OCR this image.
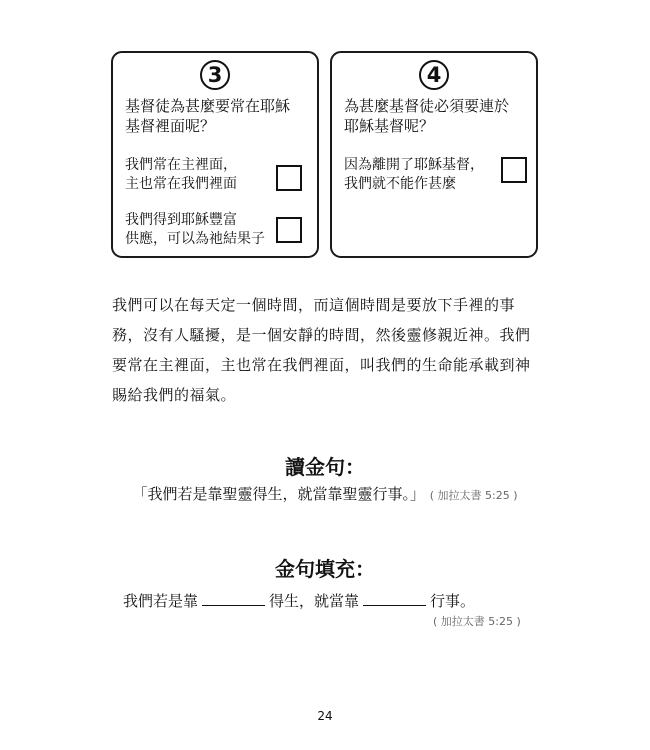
3
基督徒為甚麼要常在耶穌
基督裡面呢？
我們常在主裡面，
主也常在我們裡面
我們得到耶穌豐富
供應，可以為祂結果子
4
為甚麼基督徒必須要連於
耶穌基督呢？
因為離開了耶穌基督，
我們就不能作甚麼
我們可以在每天定一個時間，而這個時間是要放下手裡的事務，沒有人騷擾，是一個安靜的時間，然後靈修親近神。我們要常在主裡面，主也常在我們裡面，叫我們的生命能承載到神賜給我們的福氣。
讀金句：
「我們若是靠聖靈得生，就當靠聖靈行事。」 ( 加拉太書 5:25 )
金句填充：
我們若是靠	得生，就當靠	行事。
( 加拉太書 5:25 )
24
